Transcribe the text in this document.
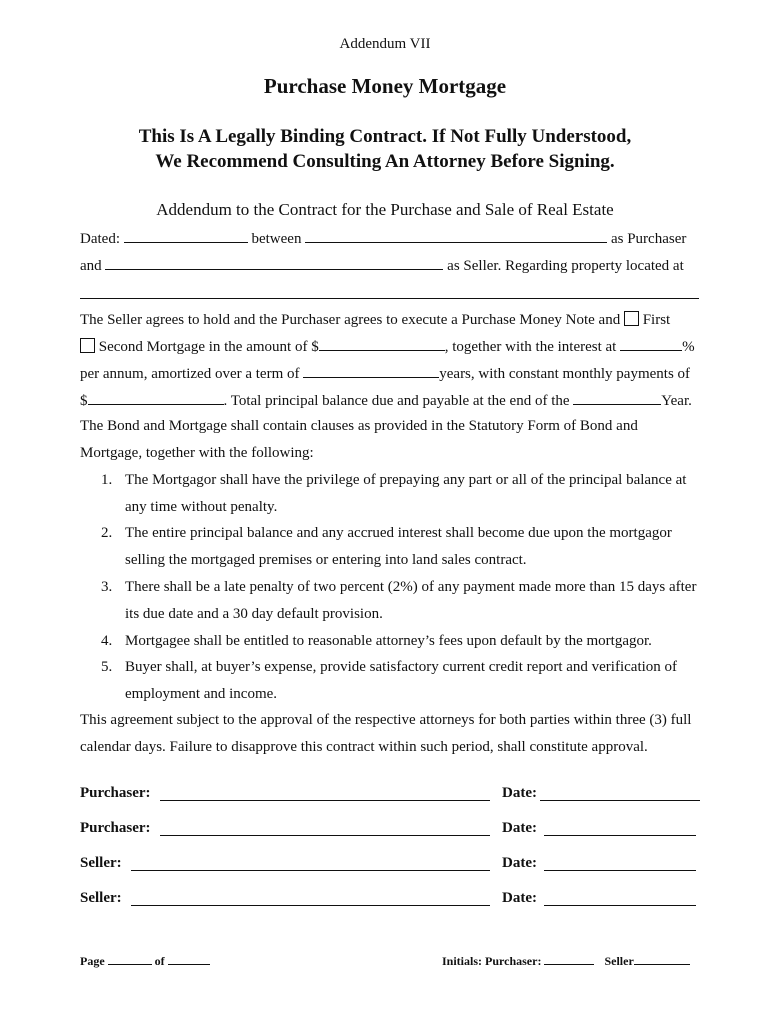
Addendum VII
Purchase Money Mortgage
This Is A Legally Binding Contract. If Not Fully Understood,
We Recommend Consulting An Attorney Before Signing.
Addendum to the Contract for the Purchase and Sale of Real Estate
Dated:	between	as Purchaser
and	as Seller. Regarding property located at
The Seller agrees to hold and the Purchaser agrees to execute a Purchase Money Note and First
Second Mortgage in the amount of $	, together with the interest at	%
per annum, amortized over a term of	years, with constant monthly payments of
$	. Total principal balance due and payable at the end of the	Year.
The Bond and Mortgage shall contain clauses as provided in the Statutory Form of Bond and
Mortgage, together with the following:
1. The Mortgagor shall have the privilege of prepaying any part or all of the principal balance at
any time without penalty.
2. The entire principal balance and any accrued interest shall become due upon the mortgagor
selling the mortgaged premises or entering into land sales contract.
3. There shall be a late penalty of two percent (2%) of any payment made more than 15 days after
its due date and a 30 day default provision.
4. Mortgagee shall be entitled to reasonable attorney’s fees upon default by the mortgagor.
5. Buyer shall, at buyer’s expense, provide satisfactory current credit report and verification of
employment and income.
This agreement subject to the approval of the respective attorneys for both parties within three (3) full
calendar days. Failure to disapprove this contract within such period, shall constitute approval.
Purchaser:	Date:
Purchaser:	Date:
Seller:	Date:
Seller:	Date:
Page	of	Initials: Purchaser:	Seller
